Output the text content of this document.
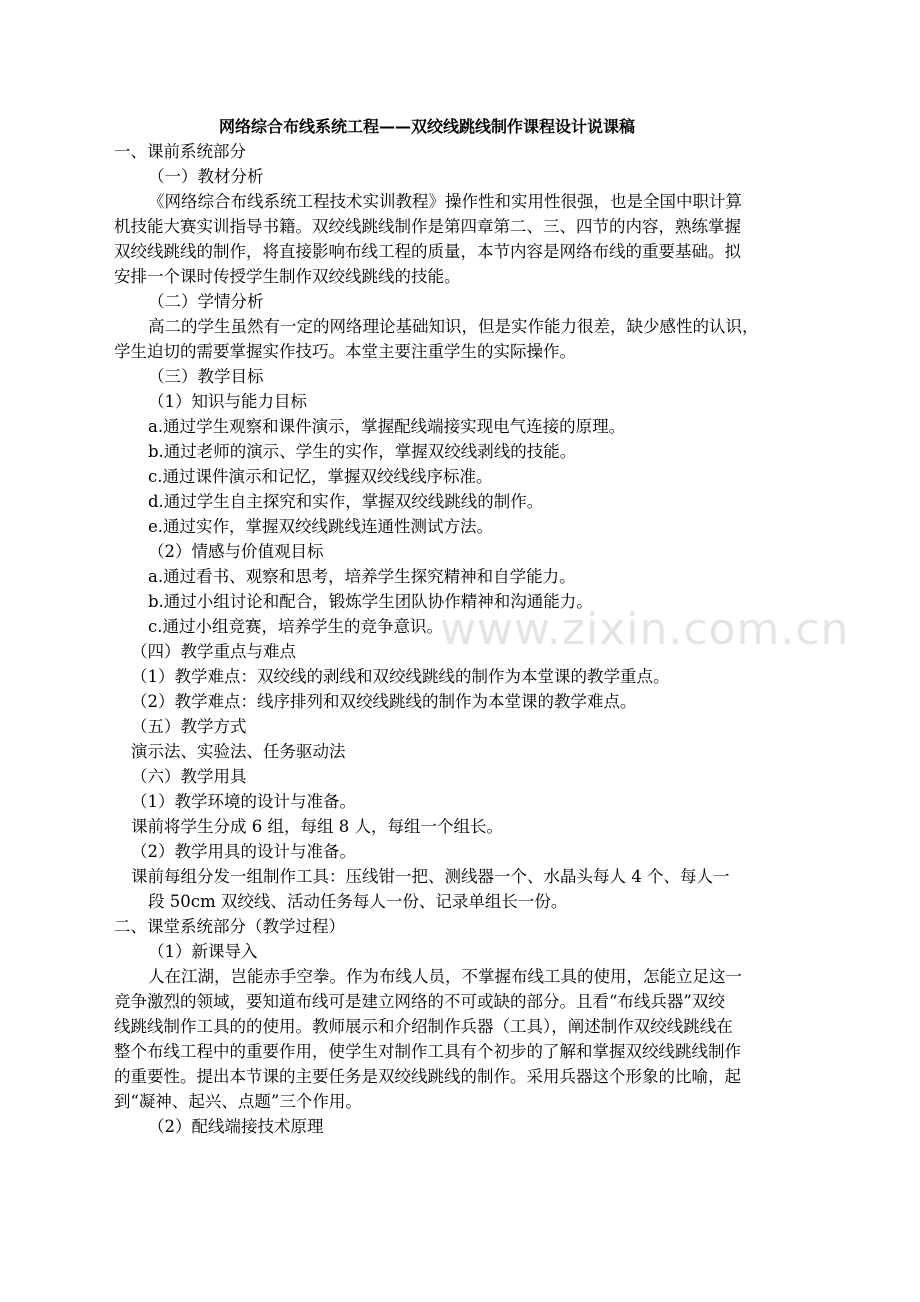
网络综合布线系统工程——双绞线跳线制作课程设计说课稿
一、课前系统部分
（一）教材分析
《网络综合布线系统工程技术实训教程》操作性和实用性很强，也是全国中职计算
机技能大赛实训指导书籍。双绞线跳线制作是第四章第二、三、四节的内容，熟练掌握
双绞线跳线的制作，将直接影响布线工程的质量，本节内容是网络布线的重要基础。拟
安排一个课时传授学生制作双绞线跳线的技能。
（二）学情分析
高二的学生虽然有一定的网络理论基础知识，但是实作能力很差，缺少感性的认识，
学生迫切的需要掌握实作技巧。本堂主要注重学生的实际操作。
（三）教学目标
（1）知识与能力目标
a.通过学生观察和课件演示，掌握配线端接实现电气连接的原理。
b.通过老师的演示、学生的实作，掌握双绞线剥线的技能。
c.通过课件演示和记忆，掌握双绞线线序标准。
d.通过学生自主探究和实作，掌握双绞线跳线的制作。
e.通过实作，掌握双绞线跳线连通性测试方法。
（2）情感与价值观目标
a.通过看书、观察和思考，培养学生探究精神和自学能力。
b.通过小组讨论和配合，锻炼学生团队协作精神和沟通能力。
c.通过小组竞赛，培养学生的竞争意识。
（四）教学重点与难点
（1）教学难点：双绞线的剥线和双绞线跳线的制作为本堂课的教学重点。
（2）教学难点：线序排列和双绞线跳线的制作为本堂课的教学难点。
（五）教学方式
演示法、实验法、任务驱动法
（六）教学用具
（1）教学环境的设计与准备。
课前将学生分成 6 组，每组 8 人，每组一个组长。
（2）教学用具的设计与准备。
课前每组分发一组制作工具：压线钳一把、测线器一个、水晶头每人 4 个、每人一
段 50cm 双绞线、活动任务每人一份、记录单组长一份。
二、课堂系统部分（教学过程）
（1）新课导入
人在江湖，岂能赤手空拳。作为布线人员，不掌握布线工具的使用，怎能立足这一
竞争激烈的领域，要知道布线可是建立网络的不可或缺的部分。且看“布线兵器”双绞
线跳线制作工具的的使用。教师展示和介绍制作兵器（工具），阐述制作双绞线跳线在
整个布线工程中的重要作用，使学生对制作工具有个初步的了解和掌握双绞线跳线制作
的重要性。提出本节课的主要任务是双绞线跳线的制作。采用兵器这个形象的比喻，起
到“凝神、起兴、点题”三个作用。
（2）配线端接技术原理
www.zixin.com.cn
